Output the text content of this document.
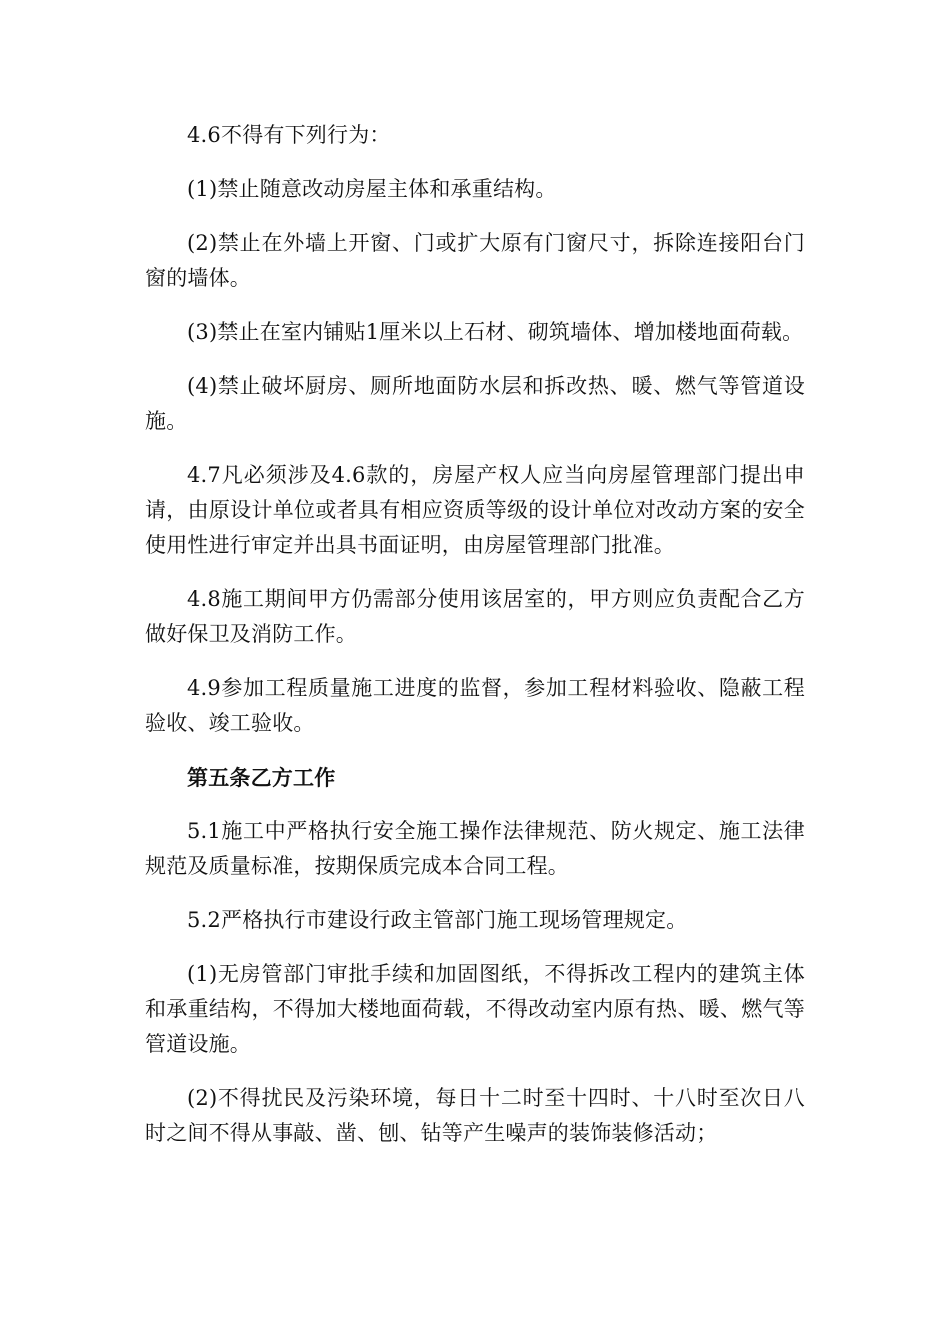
4.6不得有下列行为：

(1)禁止随意改动房屋主体和承重结构。

(2)禁止在外墙上开窗、门或扩大原有门窗尺寸，拆除连接阳台门窗的墙体。

(3)禁止在室内铺贴1厘米以上石材、砌筑墙体、增加楼地面荷载。

(4)禁止破坏厨房、厕所地面防水层和拆改热、暖、燃气等管道设施。

4.7凡必须涉及4.6款的，房屋产权人应当向房屋管理部门提出申请，由原设计单位或者具有相应资质等级的设计单位对改动方案的安全使用性进行审定并出具书面证明，由房屋管理部门批准。

4.8施工期间甲方仍需部分使用该居室的，甲方则应负责配合乙方做好保卫及消防工作。

4.9参加工程质量施工进度的监督，参加工程材料验收、隐蔽工程验收、竣工验收。

第五条乙方工作

5.1施工中严格执行安全施工操作法律规范、防火规定、施工法律规范及质量标准，按期保质完成本合同工程。

5.2严格执行市建设行政主管部门施工现场管理规定。

(1)无房管部门审批手续和加固图纸，不得拆改工程内的建筑主体和承重结构，不得加大楼地面荷载，不得改动室内原有热、暖、燃气等管道设施。

(2)不得扰民及污染环境，每日十二时至十四时、十八时至次日八时之间不得从事敲、凿、刨、钻等产生噪声的装饰装修活动；
